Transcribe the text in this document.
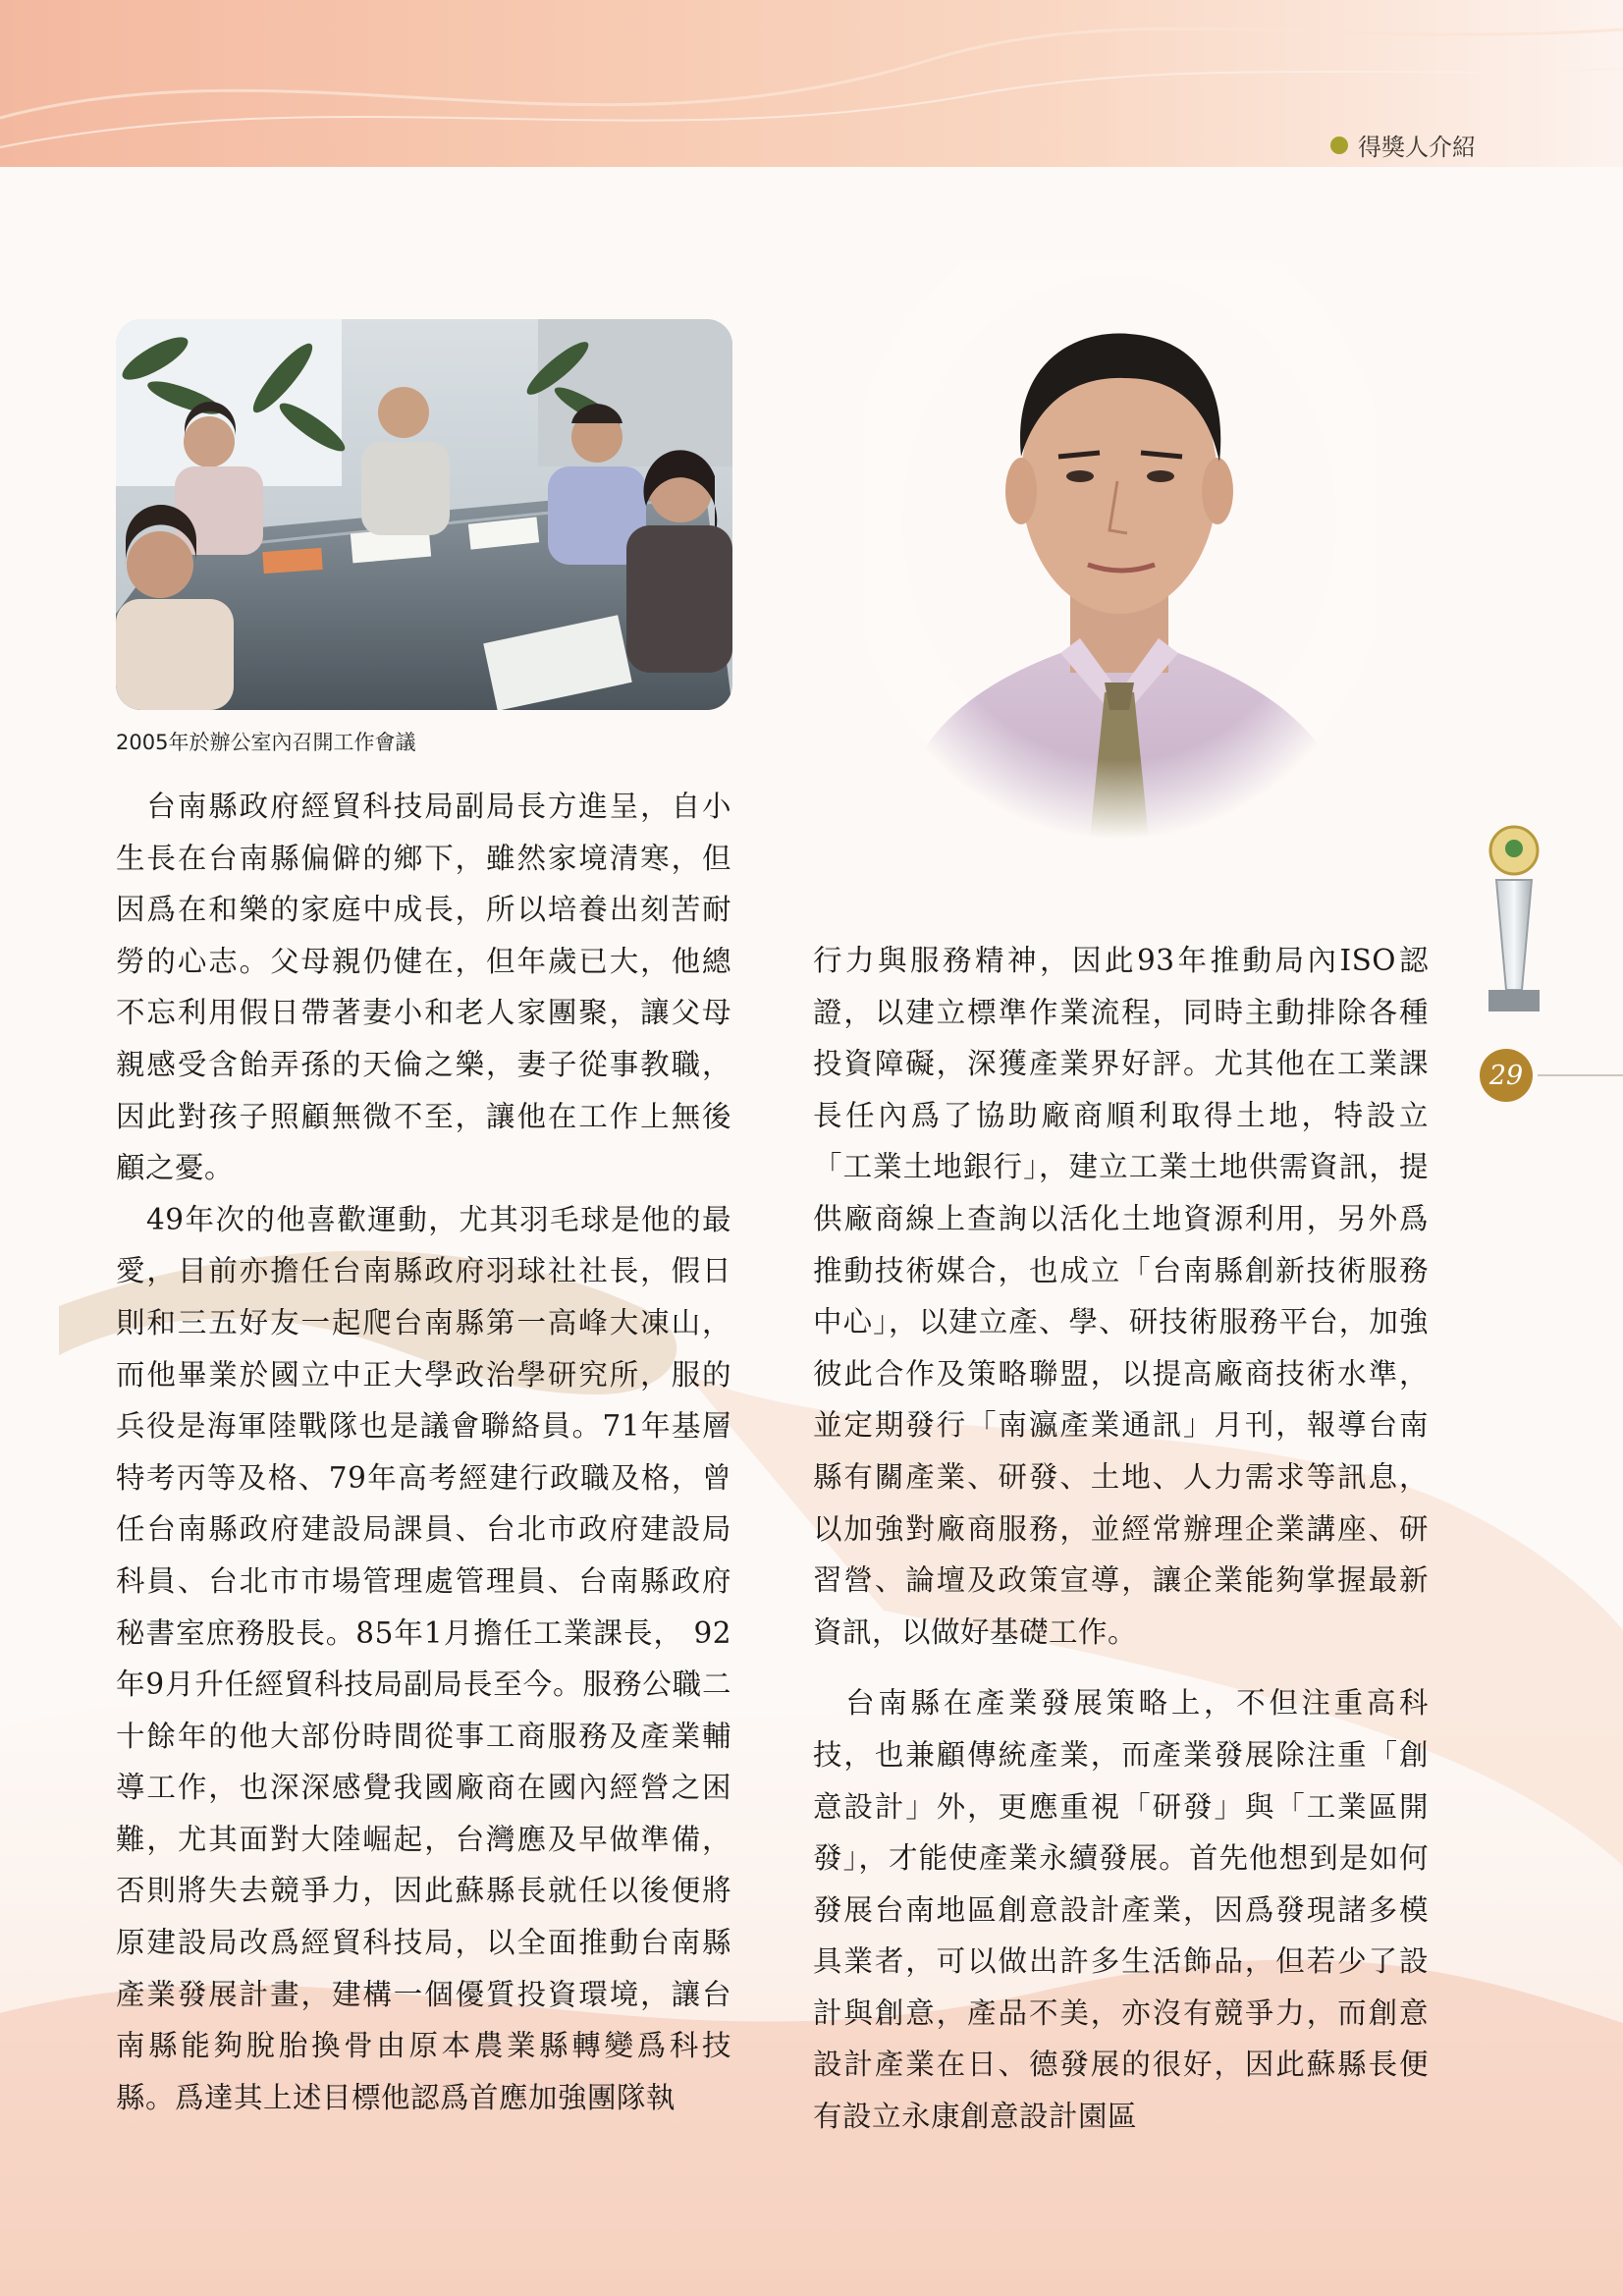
得獎人介紹
2005年於辦公室內召開工作會議
29

　台南縣政府經貿科技局副局長方進呈，自小生長在台南縣偏僻的鄉下，雖然家境清寒，但因爲在和樂的家庭中成長，所以培養出刻苦耐勞的心志。父母親仍健在，但年歲已大，他總不忘利用假日帶著妻小和老人家團聚，讓父母親感受含飴弄孫的天倫之樂，妻子從事教職，因此對孩子照顧無微不至，讓他在工作上無後顧之憂。

　49年次的他喜歡運動，尤其羽毛球是他的最愛，目前亦擔任台南縣政府羽球社社長，假日則和三五好友一起爬台南縣第一高峰大凍山，而他畢業於國立中正大學政治學研究所，服的兵役是海軍陸戰隊也是議會聯絡員。71年基層特考丙等及格、79年高考經建行政職及格，曾任台南縣政府建設局課員、台北市政府建設局科員、台北市市場管理處管理員、台南縣政府秘書室庶務股長。85年1月擔任工業課長， 92年9月升任經貿科技局副局長至今。服務公職二十餘年的他大部份時間從事工商服務及產業輔導工作，也深深感覺我國廠商在國內經營之困難，尤其面對大陸崛起，台灣應及早做準備，否則將失去競爭力，因此蘇縣長就任以後便將原建設局改爲經貿科技局，以全面推動台南縣產業發展計畫，建構一個優質投資環境，讓台南縣能夠脫胎換骨由原本農業縣轉變爲科技縣。爲達其上述目標他認爲首應加強團隊執

行力與服務精神，因此93年推動局內ISO認證，以建立標準作業流程，同時主動排除各種投資障礙，深獲產業界好評。尤其他在工業課長任內爲了協助廠商順利取得土地，特設立「工業土地銀行」，建立工業土地供需資訊，提供廠商線上查詢以活化土地資源利用，另外爲推動技術媒合，也成立「台南縣創新技術服務中心」，以建立產、學、研技術服務平台，加強彼此合作及策略聯盟，以提高廠商技術水準，並定期發行「南瀛產業通訊」月刊，報導台南縣有關產業、研發、土地、人力需求等訊息，以加強對廠商服務，並經常辦理企業講座、研習營、論壇及政策宣導，讓企業能夠掌握最新資訊，以做好基礎工作。

　台南縣在產業發展策略上，不但注重高科技，也兼顧傳統產業，而產業發展除注重「創意設計」外，更應重視「研發」與「工業區開發」，才能使產業永續發展。首先他想到是如何發展台南地區創意設計產業，因爲發現諸多模具業者，可以做出許多生活飾品，但若少了設計與創意，產品不美，亦沒有競爭力，而創意設計產業在日、德發展的很好，因此蘇縣長便有設立永康創意設計園區
